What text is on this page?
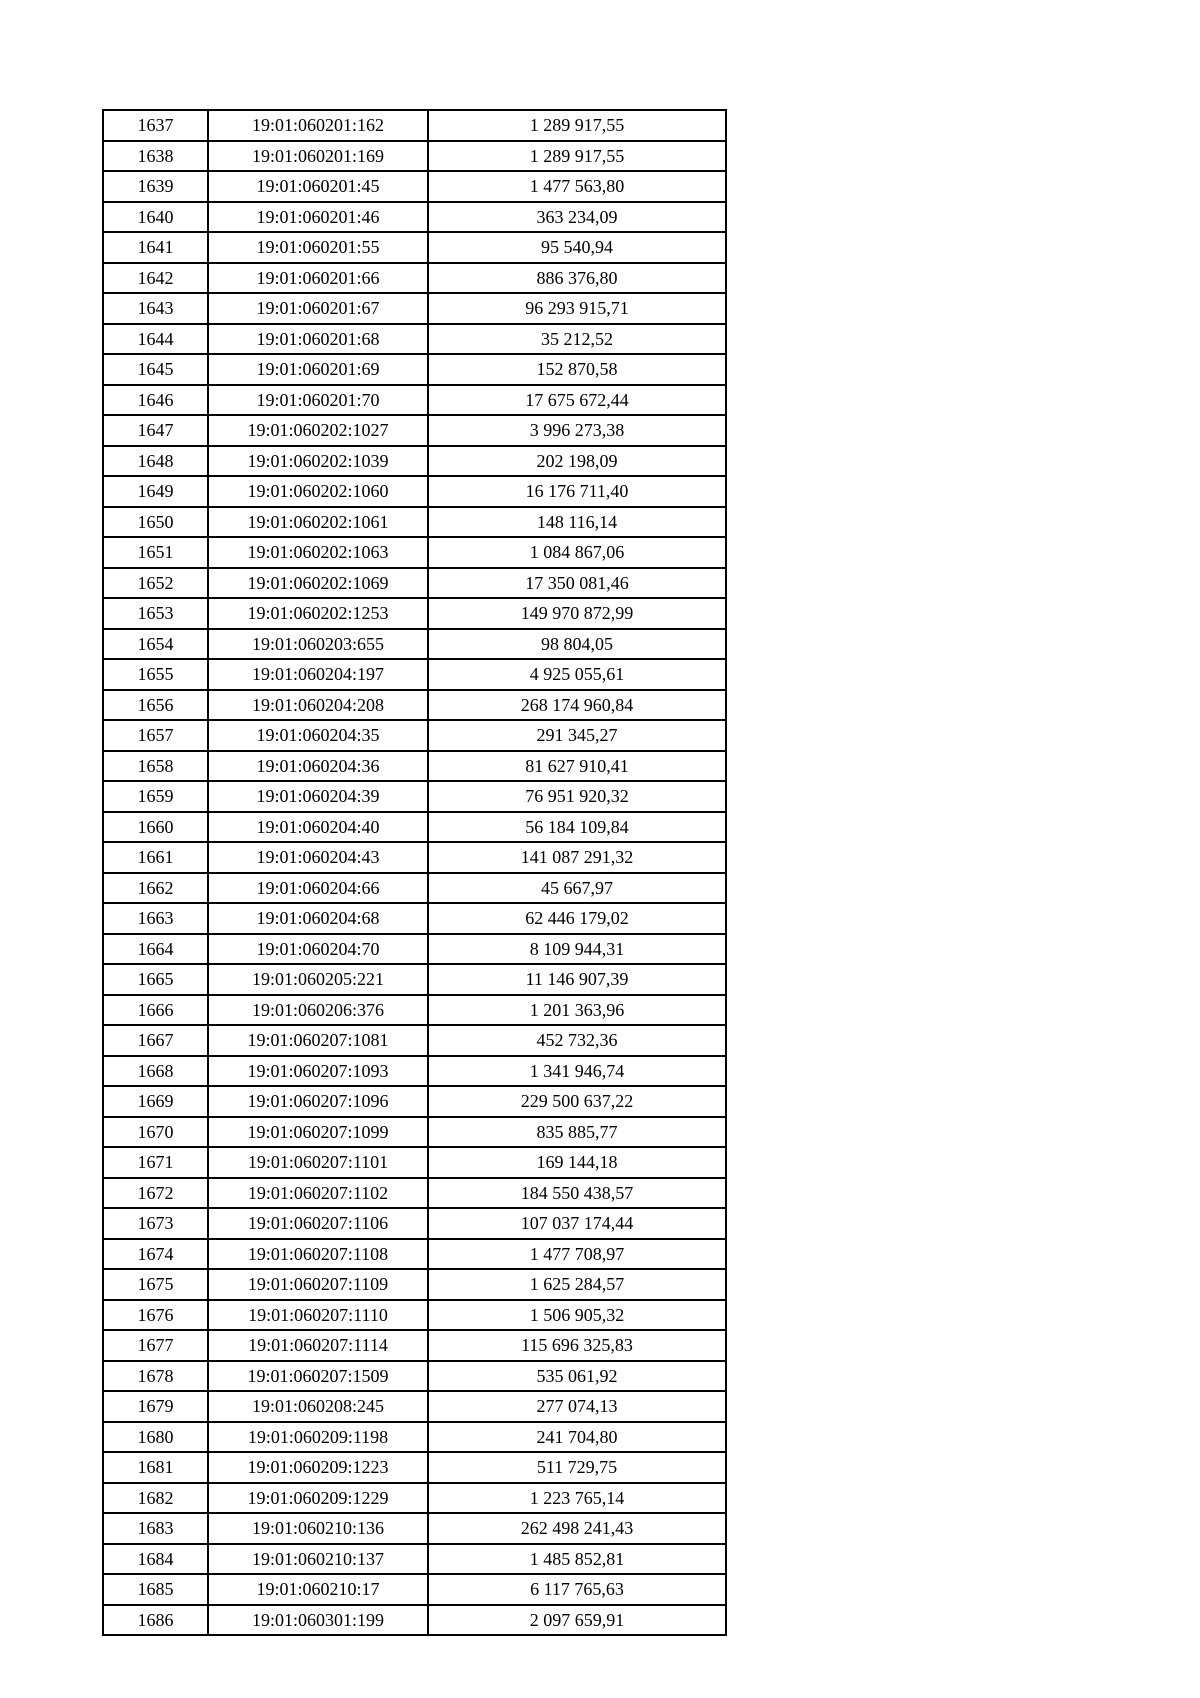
1637	19:01:060201:162	1 289 917,55
1638	19:01:060201:169	1 289 917,55
1639	19:01:060201:45	1 477 563,80
1640	19:01:060201:46	363 234,09
1641	19:01:060201:55	95 540,94
1642	19:01:060201:66	886 376,80
1643	19:01:060201:67	96 293 915,71
1644	19:01:060201:68	35 212,52
1645	19:01:060201:69	152 870,58
1646	19:01:060201:70	17 675 672,44
1647	19:01:060202:1027	3 996 273,38
1648	19:01:060202:1039	202 198,09
1649	19:01:060202:1060	16 176 711,40
1650	19:01:060202:1061	148 116,14
1651	19:01:060202:1063	1 084 867,06
1652	19:01:060202:1069	17 350 081,46
1653	19:01:060202:1253	149 970 872,99
1654	19:01:060203:655	98 804,05
1655	19:01:060204:197	4 925 055,61
1656	19:01:060204:208	268 174 960,84
1657	19:01:060204:35	291 345,27
1658	19:01:060204:36	81 627 910,41
1659	19:01:060204:39	76 951 920,32
1660	19:01:060204:40	56 184 109,84
1661	19:01:060204:43	141 087 291,32
1662	19:01:060204:66	45 667,97
1663	19:01:060204:68	62 446 179,02
1664	19:01:060204:70	8 109 944,31
1665	19:01:060205:221	11 146 907,39
1666	19:01:060206:376	1 201 363,96
1667	19:01:060207:1081	452 732,36
1668	19:01:060207:1093	1 341 946,74
1669	19:01:060207:1096	229 500 637,22
1670	19:01:060207:1099	835 885,77
1671	19:01:060207:1101	169 144,18
1672	19:01:060207:1102	184 550 438,57
1673	19:01:060207:1106	107 037 174,44
1674	19:01:060207:1108	1 477 708,97
1675	19:01:060207:1109	1 625 284,57
1676	19:01:060207:1110	1 506 905,32
1677	19:01:060207:1114	115 696 325,83
1678	19:01:060207:1509	535 061,92
1679	19:01:060208:245	277 074,13
1680	19:01:060209:1198	241 704,80
1681	19:01:060209:1223	511 729,75
1682	19:01:060209:1229	1 223 765,14
1683	19:01:060210:136	262 498 241,43
1684	19:01:060210:137	1 485 852,81
1685	19:01:060210:17	6 117 765,63
1686	19:01:060301:199	2 097 659,91
